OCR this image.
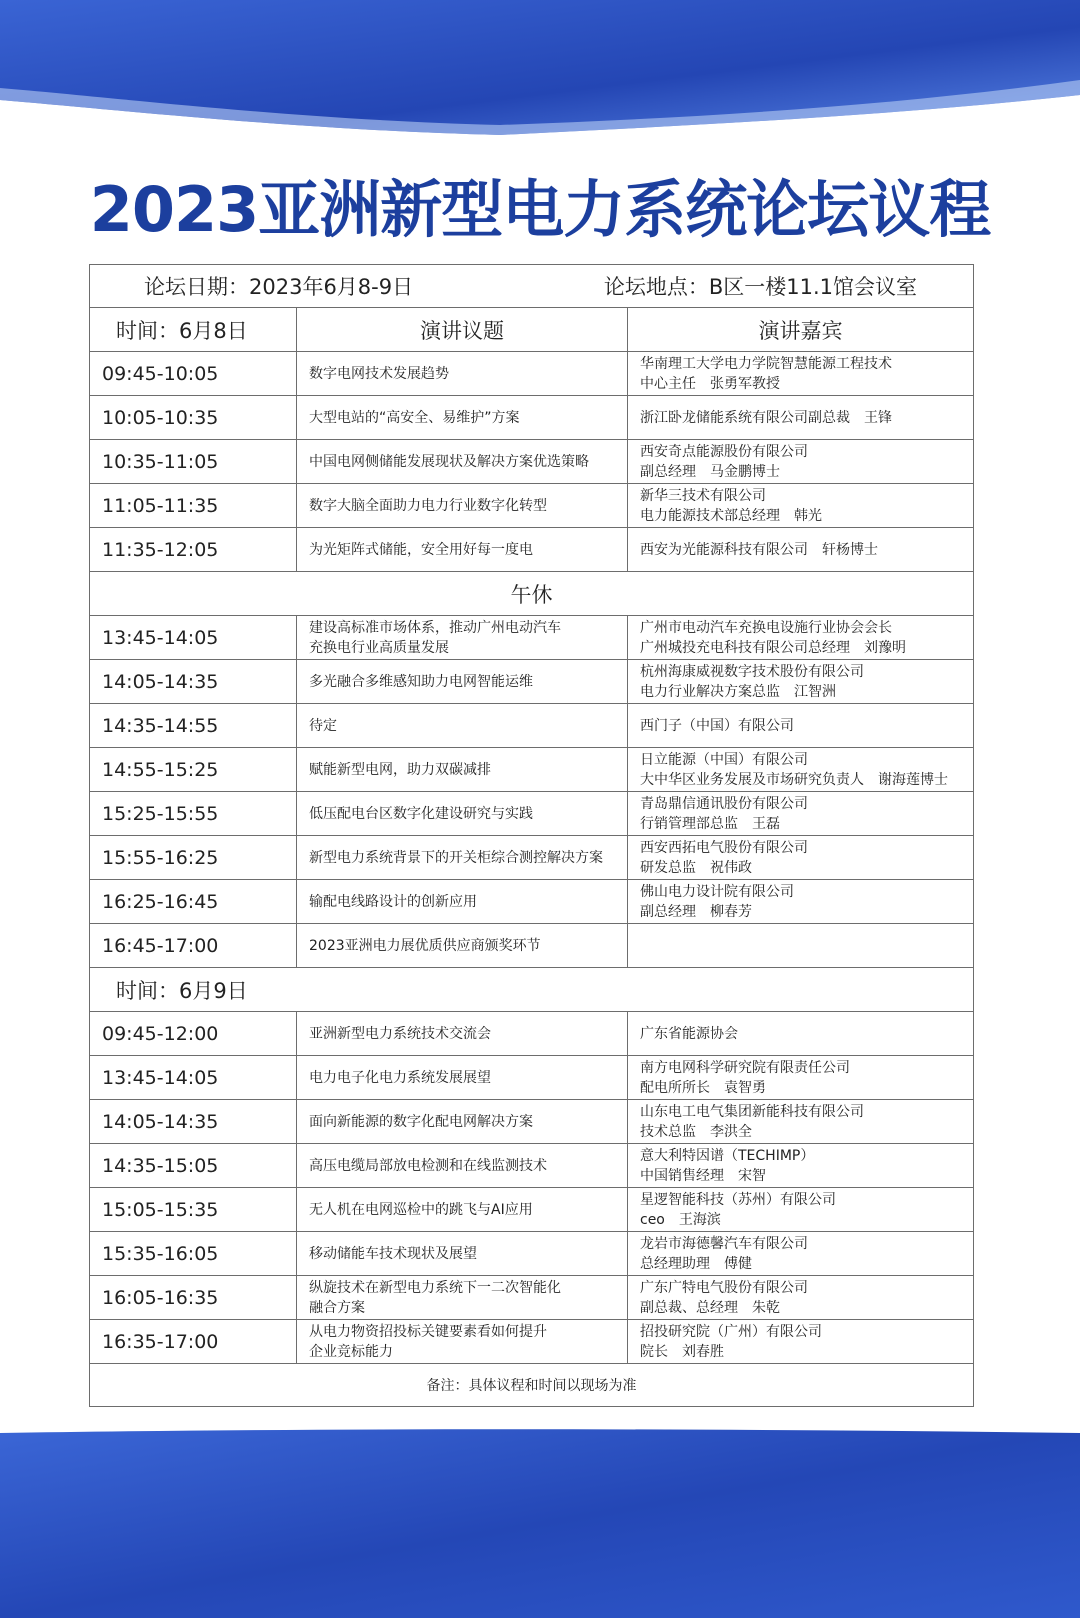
2023亚洲新型电力系统论坛议程
论坛日期：2023年6月8-9日 论坛地点：B区一楼11.1馆会议室		

时间：6月8日	演讲议题	演讲嘉宾
09:45-10:05	数字电网技术发展趋势	华南理工大学电力学院智慧能源工程技术
中心主任　张勇军教授

10:05-10:35	大型电站的“高安全、易维护”方案	浙江卧龙储能系统有限公司副总裁　王锋

10:35-11:05	中国电网侧储能发展现状及解决方案优选策略	西安奇点能源股份有限公司
副总经理　马金鹏博士

11:05-11:35	数字大脑全面助力电力行业数字化转型	新华三技术有限公司
电力能源技术部总经理　韩光

11:35-12:05	为光矩阵式储能，安全用好每一度电	西安为光能源科技有限公司　轩杨博士

午休		
13:45-14:05	建设高标准市场体系，推动广州电动汽车
充换电行业高质量发展	广州市电动汽车充换电设施行业协会会长
广州城投充电科技有限公司总经理　刘豫明

14:05-14:35	多光融合多维感知助力电网智能运维	杭州海康威视数字技术股份有限公司
电力行业解决方案总监　江智洲

14:35-14:55	待定	西门子（中国）有限公司

14:55-15:25	赋能新型电网，助力双碳减排	日立能源（中国）有限公司
大中华区业务发展及市场研究负责人　谢海莲博士

15:25-15:55	低压配电台区数字化建设研究与实践	青岛鼎信通讯股份有限公司
行销管理部总监　王磊

15:55-16:25	新型电力系统背景下的开关柜综合测控解决方案	西安西拓电气股份有限公司
研发总监　祝伟政

16:25-16:45	输配电线路设计的创新应用	佛山电力设计院有限公司
副总经理　柳春芳

16:45-17:00	2023亚洲电力展优质供应商颁奖环节	

时间：6月9日		
09:45-12:00	亚洲新型电力系统技术交流会	广东省能源协会

13:45-14:05	电力电子化电力系统发展展望	南方电网科学研究院有限责任公司
配电所所长　袁智勇

14:05-14:35	面向新能源的数字化配电网解决方案	山东电工电气集团新能科技有限公司
技术总监　李洪全

14:35-15:05	高压电缆局部放电检测和在线监测技术	意大利特因谱（TECHIMP）
中国销售经理　宋智

15:05-15:35	无人机在电网巡检中的跳飞与AI应用	星逻智能科技（苏州）有限公司
ceo　王海滨

15:35-16:05	移动储能车技术现状及展望	龙岩市海德馨汽车有限公司
总经理助理　傅健

16:05-16:35	纵旋技术在新型电力系统下一二次智能化
融合方案	广东广特电气股份有限公司
副总裁、总经理　朱乾

16:35-17:00	从电力物资招投标关键要素看如何提升
企业竞标能力	招投研究院（广州）有限公司
院长　刘春胜

备注：具体议程和时间以现场为准		
